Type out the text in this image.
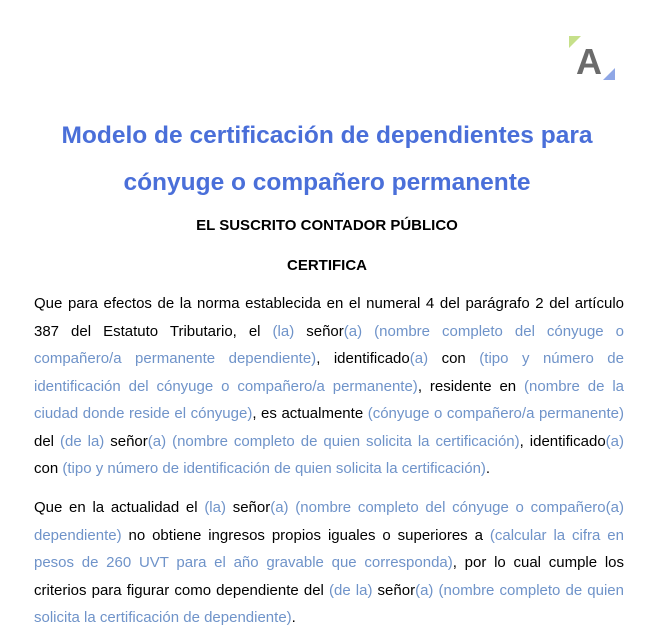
A
Modelo de certificación de dependientes para
cónyuge o compañero permanente
EL SUSCRITO CONTADOR PÚBLICO
CERTIFICA

Que para efectos de la norma establecida en el numeral 4 del parágrafo 2 del artículo 387 del Estatuto Tributario, el (la) señor(a) (nombre completo del cónyuge o compañero/a permanente dependiente), identificado(a) con (tipo y número de identificación del cónyuge o compañero/a permanente), residente en (nombre de la ciudad donde reside el cónyuge), es actualmente (cónyuge o compañero/a permanente) del (de la) señor(a) (nombre completo de quien solicita la certificación), identificado(a) con (tipo y número de identificación de quien solicita la certificación).

Que en la actualidad el (la) señor(a) (nombre completo del cónyuge o compañero(a) dependiente) no obtiene ingresos propios iguales o superiores a (calcular la cifra en pesos de 260 UVT para el año gravable que corresponda), por lo cual cumple los criterios para figurar como dependiente del (de la) señor(a) (nombre completo de quien solicita la certificación de dependiente).
